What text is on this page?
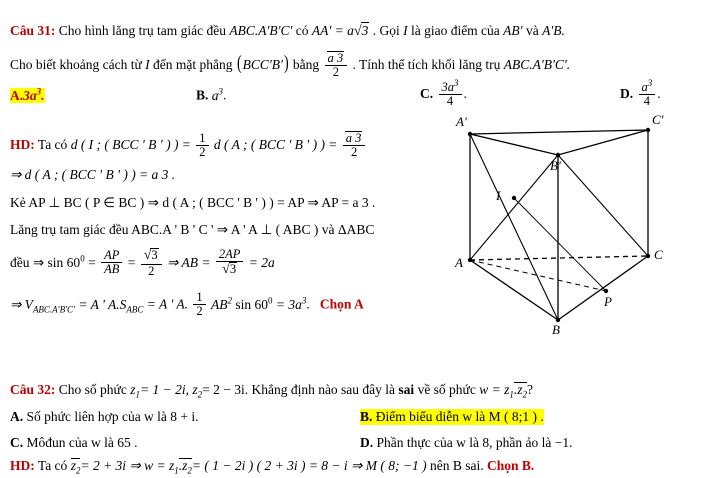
Câu 31: Cho hình lăng trụ tam giác đều ABC.A'B'C' có AA' = a√3 . Gọi I là giao điểm của AB' và A'B.
Cho biết khoảng cách từ I đến mặt phẳng (BCC'B') bằng $\frac{a 3}{2}$ . Tính thể tích khối lăng trụ ABC.A'B'C'.
$A.3a^3$.	B. $a^3$.	C. $\frac{3a^3}{4}$ .	D. $\frac{a^3}{4}$ .
HD: Ta có d ( I ; ( BCC ' B ' ) ) = $\frac{1}{2}$ d ( A ; ( BCC ' B ' ) ) = $\frac{a 3}{2}$
⇒ d ( A ; ( BCC ' B ' ) ) = a 3 .
Kẻ AP ⊥ BC ( P ∈ BC ) ⇒ d ( A ; ( BCC ' B ' ) ) = AP ⇒ AP = a 3 .
Lăng trụ tam giác đều ABC.A ' B ' C ' ⇒ A ' A ⊥ ( ABC ) và ΔABC
đều ⇒ $\sin 60^0 = \frac{AP}{AB} = \frac{√3}{2}$ ⇒ AB = $\frac{2AP}{√3} = 2a$
⇒ $V_{ABC.A'B'C'} = A$ ' $A.S_{ABC} = A$ ' A. $\frac{1}{2} AB^2$ $\sin 60^0 = 3a^3$. Chọn A
A'
B'
C'
I
A
B
C
P
Câu 32: Cho số phức $z_1= 1 - 2i$, $z_2= 2 - 3i$. Khẳng định nào sau đây là sai về số phức $w = z_1.z_2$?
A. Số phức liên hợp của w là 8 + i.	B. Điểm biểu diễn w là M ( 8;1 ) .
C. Môđun của w là 65 .	D. Phần thực của w là 8, phần ảo là −1.
HD: Ta có $z_2= 2 + 3i$ ⇒ $w = z_1.z_2=$ ( 1 − 2i ) ( 2 + 3i ) = 8 − i ⇒ M ( 8; −1 ) nên B sai. Chọn B.
